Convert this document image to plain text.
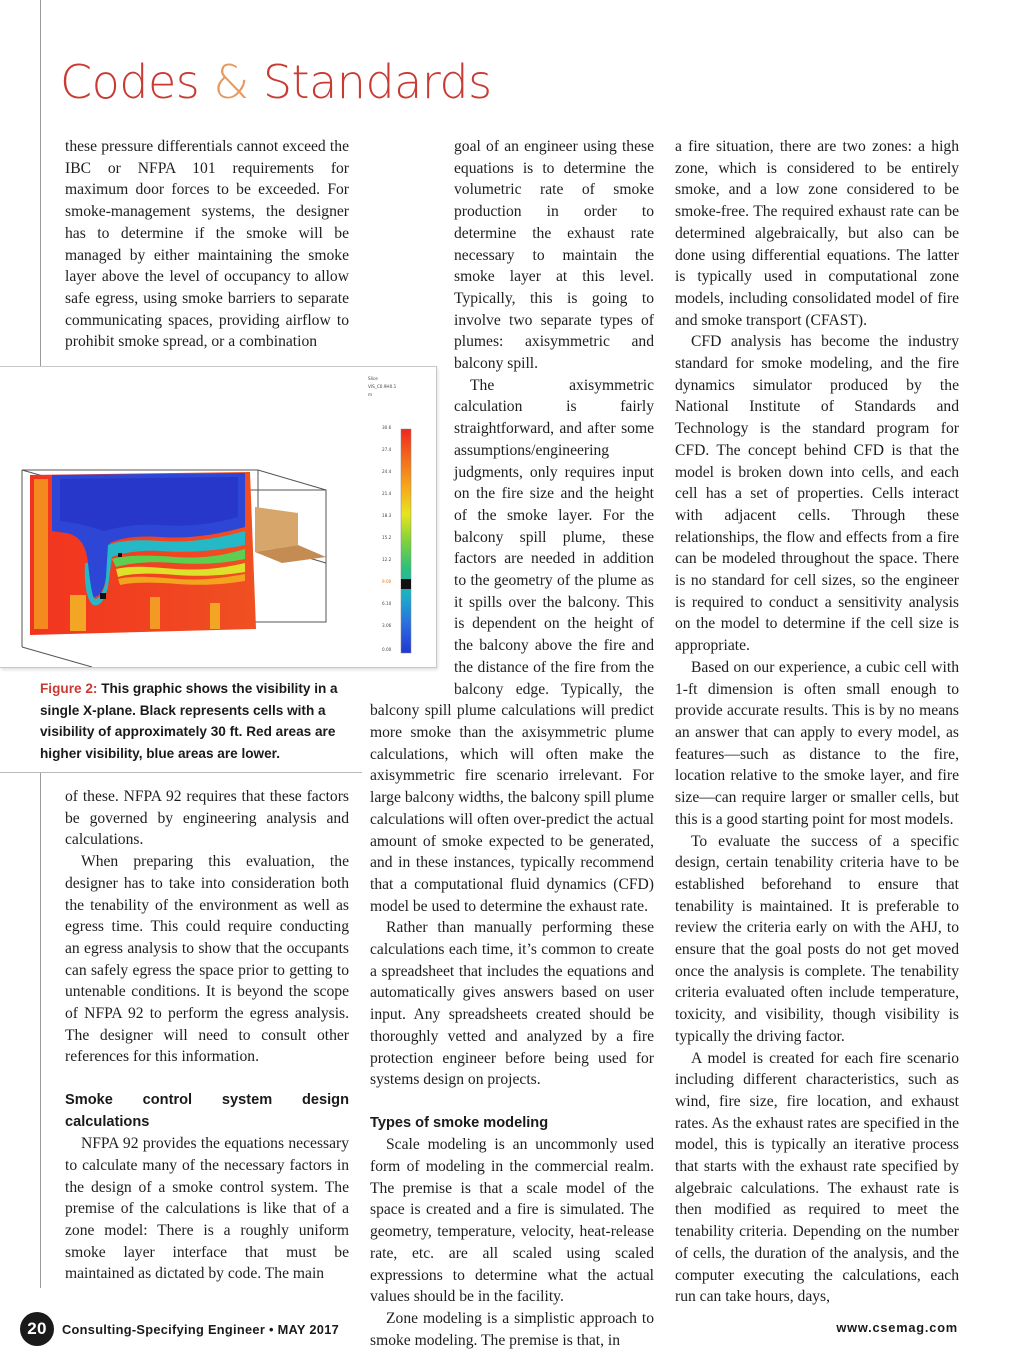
Codes & Standards

these pressure differentials cannot exceed the IBC or NFPA 101 requirements for maximum door forces to be exceeded. For smoke-management systems, the designer has to determine if the smoke will be managed by either maintaining the smoke layer above the level of occupancy to allow safe egress, using smoke barriers to separate communicating spaces, providing airflow to prohibit smoke spread, or a combination

of these. NFPA 92 requires that these factors be governed by engineering analysis and calculations.

When preparing this evaluation, the designer has to take into consideration both the tenability of the environment as well as egress time. This could require conducting an egress analysis to show that the occupants can safely egress the space prior to getting to untenable conditions. It is beyond the scope of NFPA 92 to perform the egress analysis. The designer will need to consult other references for this information.

Smoke control system design calculations

NFPA 92 provides the equations necessary to calculate many of the necessary factors in the design of a smoke control system. The premise of the calculations is like that of a zone model: There is a roughly uniform smoke layer interface that must be maintained as dictated by code. The main

goal of an engineer using these equations is to determine the volumetric rate of smoke production in order to determine the exhaust rate necessary to maintain the smoke layer at this level. Typically, this is going to involve two separate types of plumes: axisymmetric and balcony spill.

The axisymmetric calculation is fairly straightforward, and after some assumptions/engineering judgments, only requires input on the fire size and the height of the smoke layer. For the balcony spill plume, these factors are needed in addition to the geometry of the plume as it spills over the balcony. This is dependent on the height of the balcony above the fire and the distance of the fire from the balcony edge. Typically, the balcony spill plume calculations will predict more smoke than the axisymmetric plume calculations, which will often make the axisymmetric fire scenario irrelevant. For large balcony widths, the balcony spill plume calculations will often over-predict the actual amount of smoke expected to be generated, and in these instances, typically recommend that a computational fluid dynamics (CFD) model be used to determine the exhaust rate.

Rather than manually performing these calculations each time, it’s common to create a spreadsheet that includes the equations and automatically gives answers based on user input. Any spreadsheets created should be thoroughly vetted and analyzed by a fire protection engineer before being used for systems design on projects.

Types of smoke modeling

Scale modeling is an uncommonly used form of modeling in the commercial realm. The premise is that a scale model of the space is created and a fire is simulated. The geometry, temperature, velocity, heat-release rate, etc. are all scaled using scaled expressions to determine what the actual values should be in the facility.

Zone modeling is a simplistic approach to smoke modeling. The premise is that, in

a fire situation, there are two zones: a high zone, which is considered to be entirely smoke, and a low zone considered to be smoke-free. The required exhaust rate can be determined algebraically, but also can be done using differential equations. The latter is typically used in computational zone models, including consolidated model of fire and smoke transport (CFAST).

CFD analysis has become the industry standard for smoke modeling, and the fire dynamics simulator produced by the National Institute of Standards and Technology is the standard program for CFD. The concept behind CFD is that the model is broken down into cells, and each cell has a set of properties. Cells interact with adjacent cells. Through these relationships, the flow and effects from a fire can be modeled throughout the space. There is no standard for cell sizes, so the engineer is required to conduct a sensitivity analysis on the model to determine if the cell size is appropriate.

Based on our experience, a cubic cell with 1-ft dimension is often small enough to provide accurate results. This is by no means an answer that can apply to every model, as features—such as distance to the fire, location relative to the smoke layer, and fire size—can require larger or smaller cells, but this is a good starting point for most models.

To evaluate the success of a specific design, certain tenability criteria have to be established beforehand to ensure that tenability is maintained. It is preferable to review the criteria early on with the AHJ, to ensure that the goal posts do not get moved once the analysis is complete. The tenability criteria evaluated often include temperature, toxicity, and visibility, though visibility is typically the driving factor.

A model is created for each fire scenario including different characteristics, such as wind, fire size, fire location, and exhaust rates. As the exhaust rates are specified in the model, this is typically an iterative process that starts with the exhaust rate specified by algebraic calculations. The exhaust rate is then modified as required to meet the tenability criteria. Depending on the number of cells, the duration of the analysis, and the computer executing the calculations, each run can take hours, days,

Slice
VIS_C0.9H0.1
m
30.6
27.4
24.4
21.4
18.3
15.2
12.2
9.00
6.10
3.06
0.00
Figure 2: This graphic shows the visibility in a single X-plane. Black represents cells with a visibility of approximately 30 ft. Red areas are higher visibility, blue areas are lower.
20	Consulting-Specifying Engineer • MAY 2017	www.csemag.com
